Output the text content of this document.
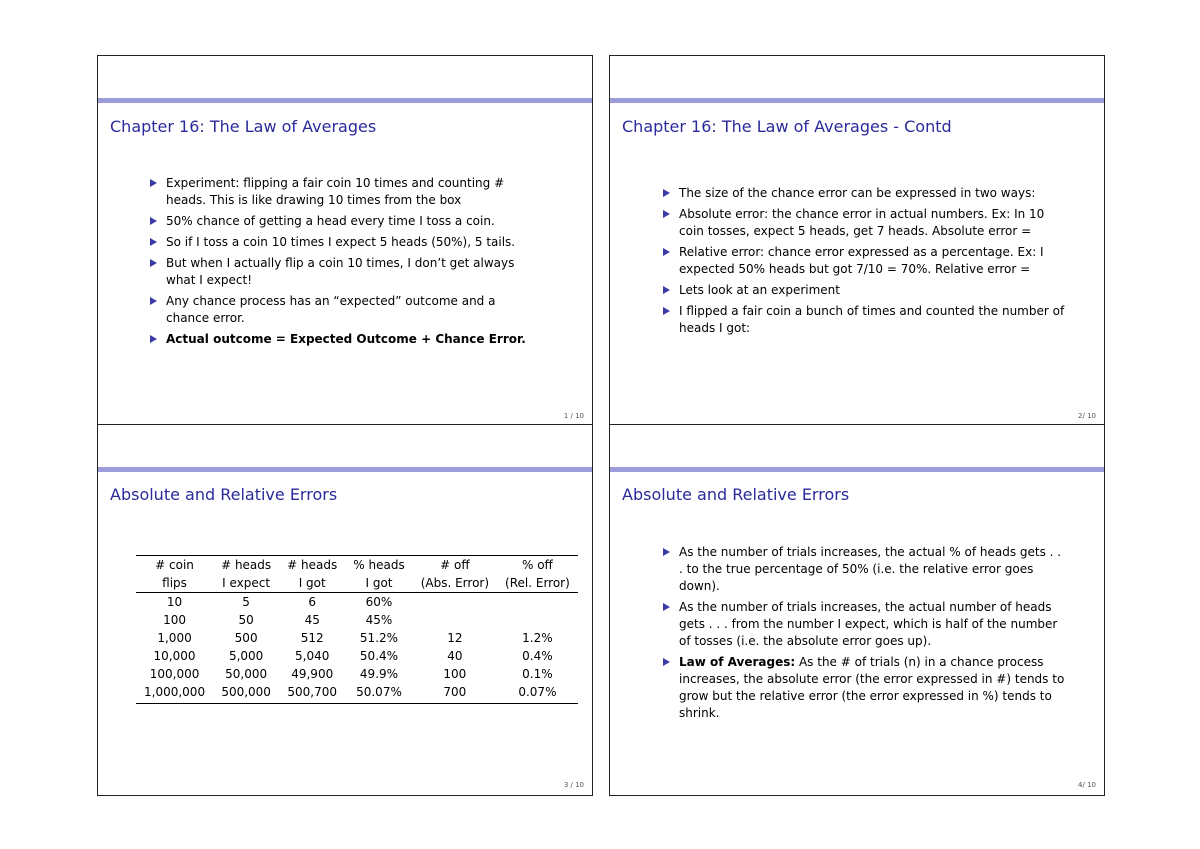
Chapter 16: The Law of Averages
Experiment: flipping a fair coin 10 times and counting # heads. This is like drawing 10 times from the box
50% chance of getting a head every time I toss a coin.
So if I toss a coin 10 times I expect 5 heads (50%), 5 tails.
But when I actually flip a coin 10 times, I don’t get always what I expect!
Any chance process has an “expected” outcome and a chance error.
Actual outcome = Expected Outcome + Chance Error.
1 / 10
Chapter 16: The Law of Averages - Contd
The size of the chance error can be expressed in two ways:
Absolute error: the chance error in actual numbers. Ex: In 10 coin tosses, expect 5 heads, get 7 heads. Absolute error =
Relative error: chance error expressed as a percentage. Ex: I expected 50% heads but got 7/10 = 70%. Relative error =
Lets look at an experiment
I flipped a fair coin a bunch of times and counted the number of heads I got:
2/ 10
Absolute and Relative Errors
# coin	# heads	# heads	% heads	# off	% off
flips	I expect	I got	I got	(Abs. Error)	(Rel. Error)
10	5	6	60%		
100	50	45	45%		
1,000	500	512	51.2%	12	1.2%
10,000	5,000	5,040	50.4%	40	0.4%
100,000	50,000	49,900	49.9%	100	0.1%
1,000,000	500,000	500,700	50.07%	700	0.07%
3 / 10
Absolute and Relative Errors
As the number of trials increases, the actual % of heads gets . . . to the true percentage of 50% (i.e. the relative error goes down).
As the number of trials increases, the actual number of heads gets . . . from the number I expect, which is half of the number of tosses (i.e. the absolute error goes up).
Law of Averages: As the # of trials (n) in a chance process increases, the absolute error (the error expressed in #) tends to grow but the relative error (the error expressed in %) tends to shrink.
4/ 10
